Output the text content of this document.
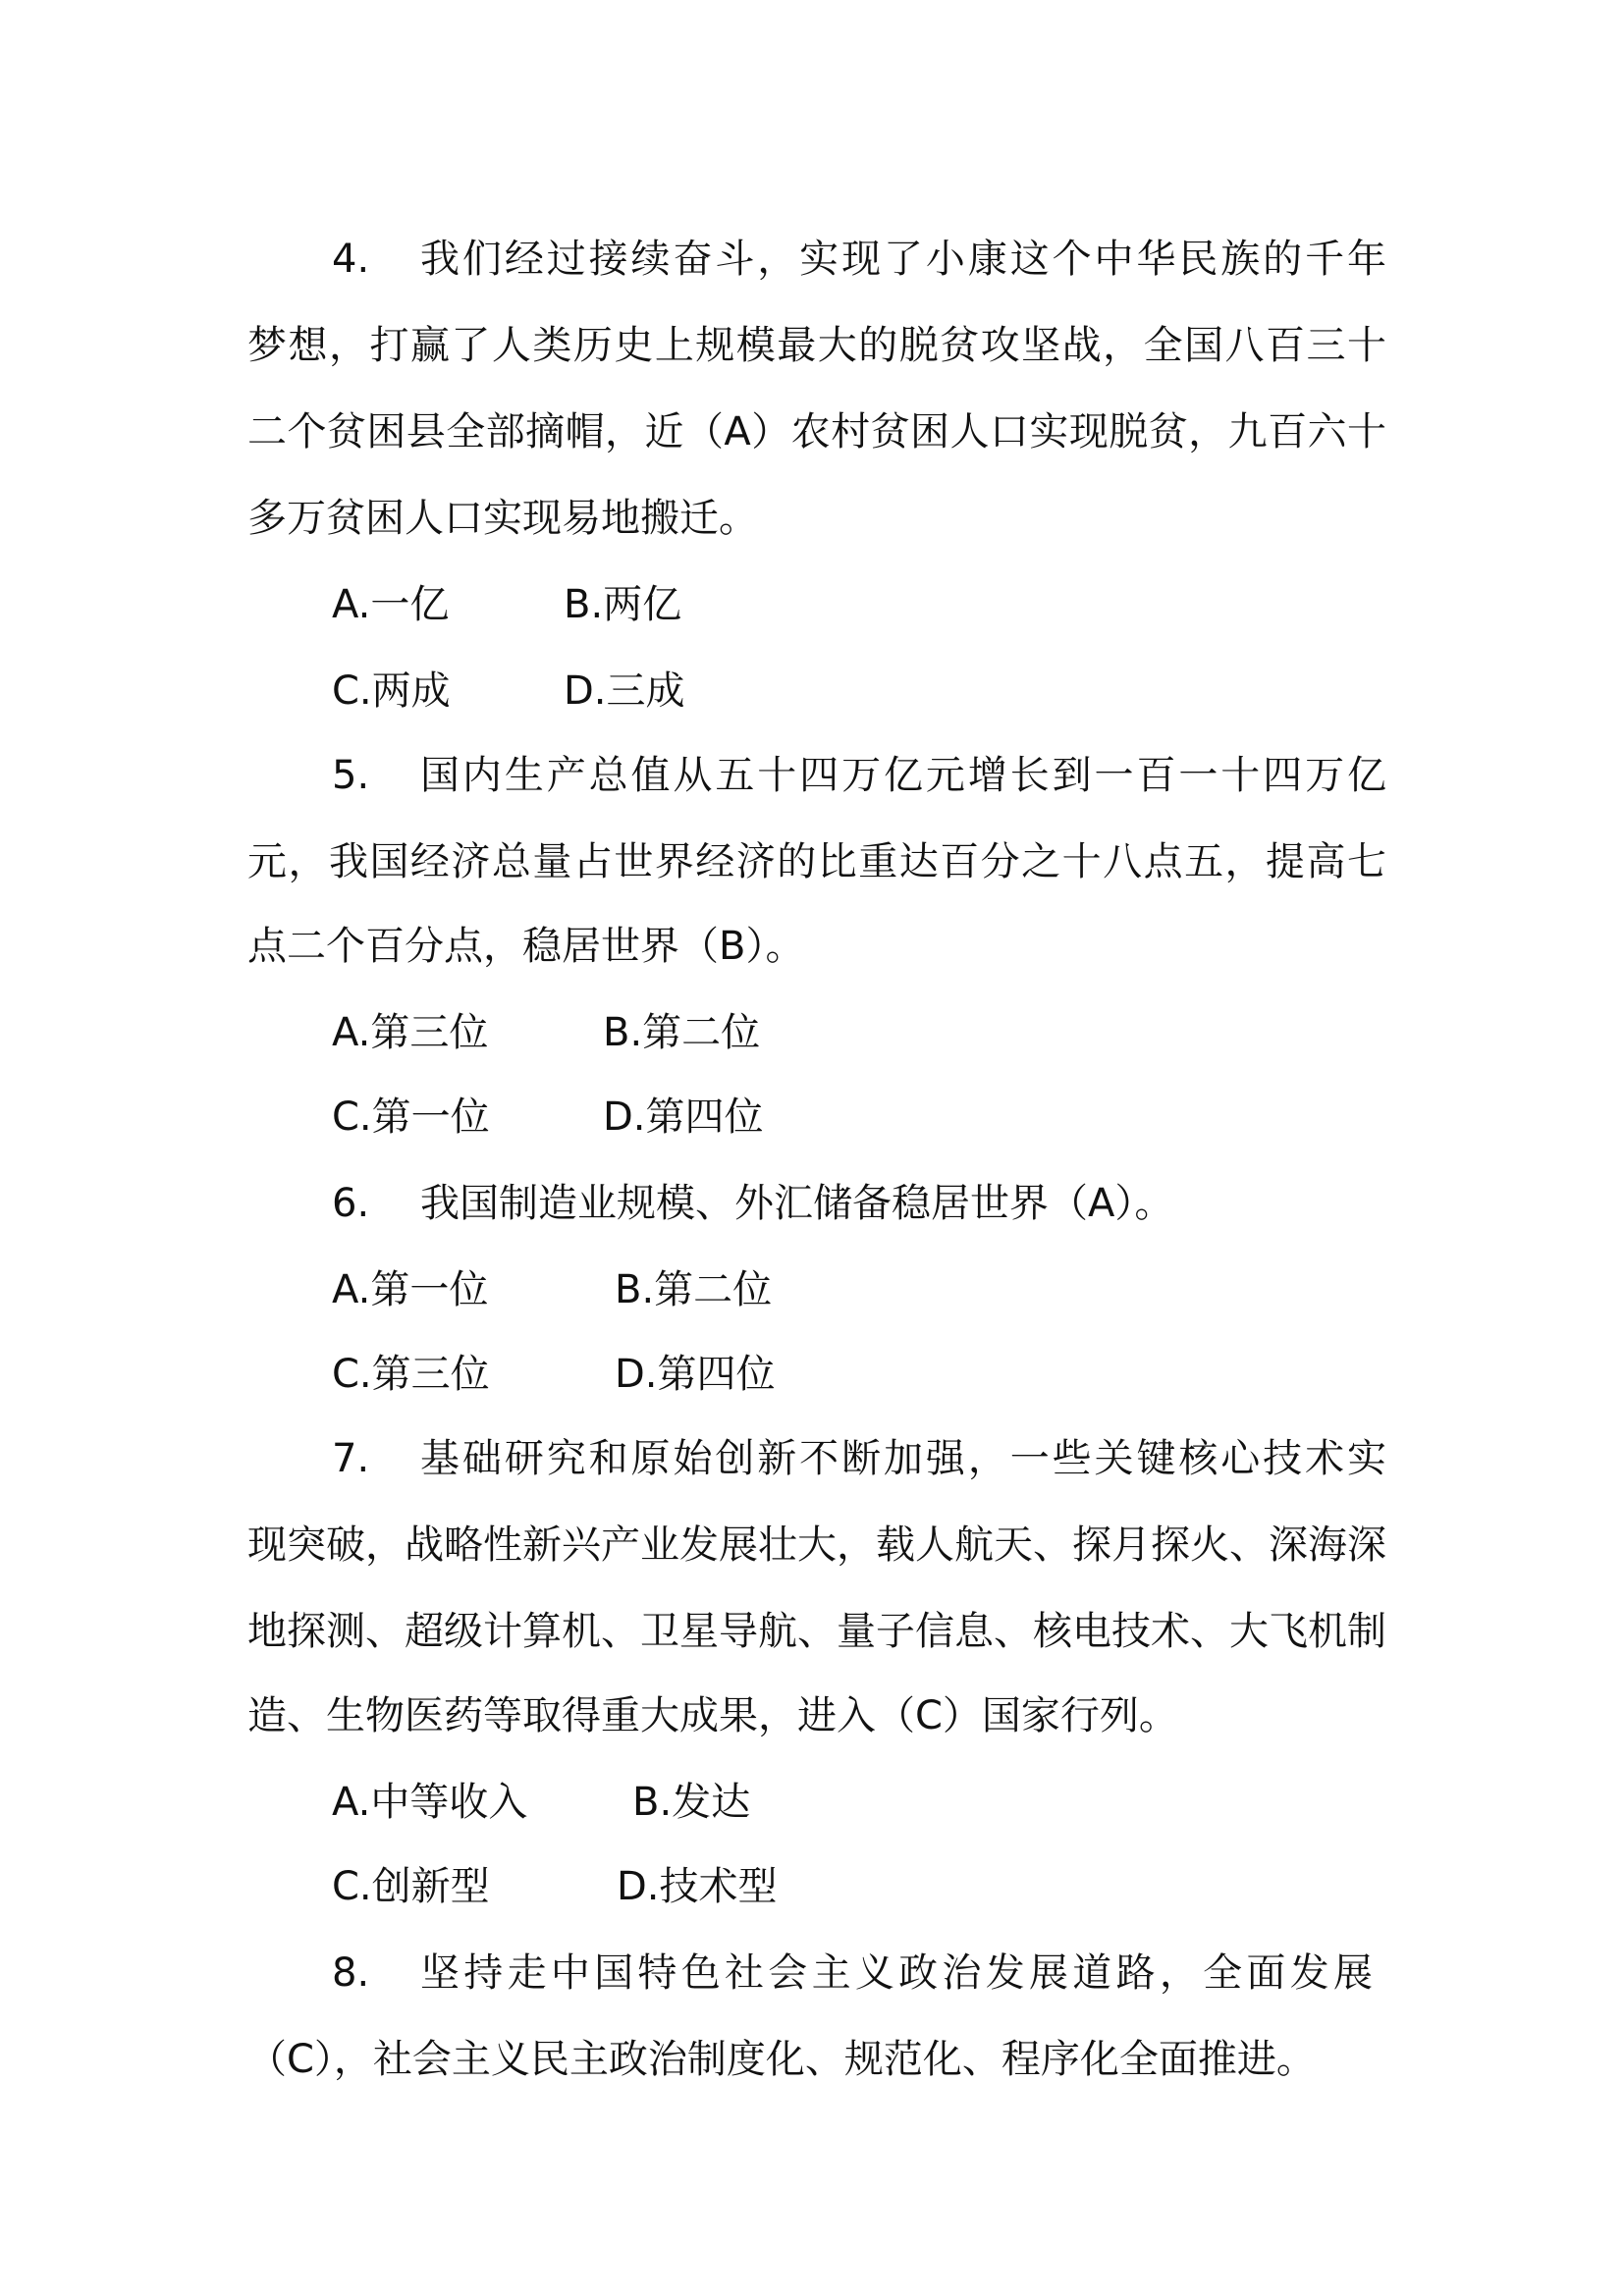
4. 我们经过接续奋斗，实现了小康这个中华民族的千年
梦想，打赢了人类历史上规模最大的脱贫攻坚战，全国八百三十
二个贫困县全部摘帽，近（A）农村贫困人口实现脱贫，九百六十
多万贫困人口实现易地搬迁。
A.一亿	B.两亿
C.两成	D.三成
5. 国内生产总值从五十四万亿元增长到一百一十四万亿
元，我国经济总量占世界经济的比重达百分之十八点五，提高七
点二个百分点，稳居世界（B）。
A.第三位	B.第二位
C.第一位	D.第四位
6. 我国制造业规模、外汇储备稳居世界（A）。
A.第一位	B.第二位
C.第三位	D.第四位
7. 基础研究和原始创新不断加强，一些关键核心技术实
现突破，战略性新兴产业发展壮大，载人航天、探月探火、深海深
地探测、超级计算机、卫星导航、量子信息、核电技术、大飞机制
造、生物医药等取得重大成果，进入（C）国家行列。
A.中等收入	B.发达
C.创新型	D.技术型
8. 坚持走中国特色社会主义政治发展道路，全面发展
（C），社会主义民主政治制度化、规范化、程序化全面推进。
